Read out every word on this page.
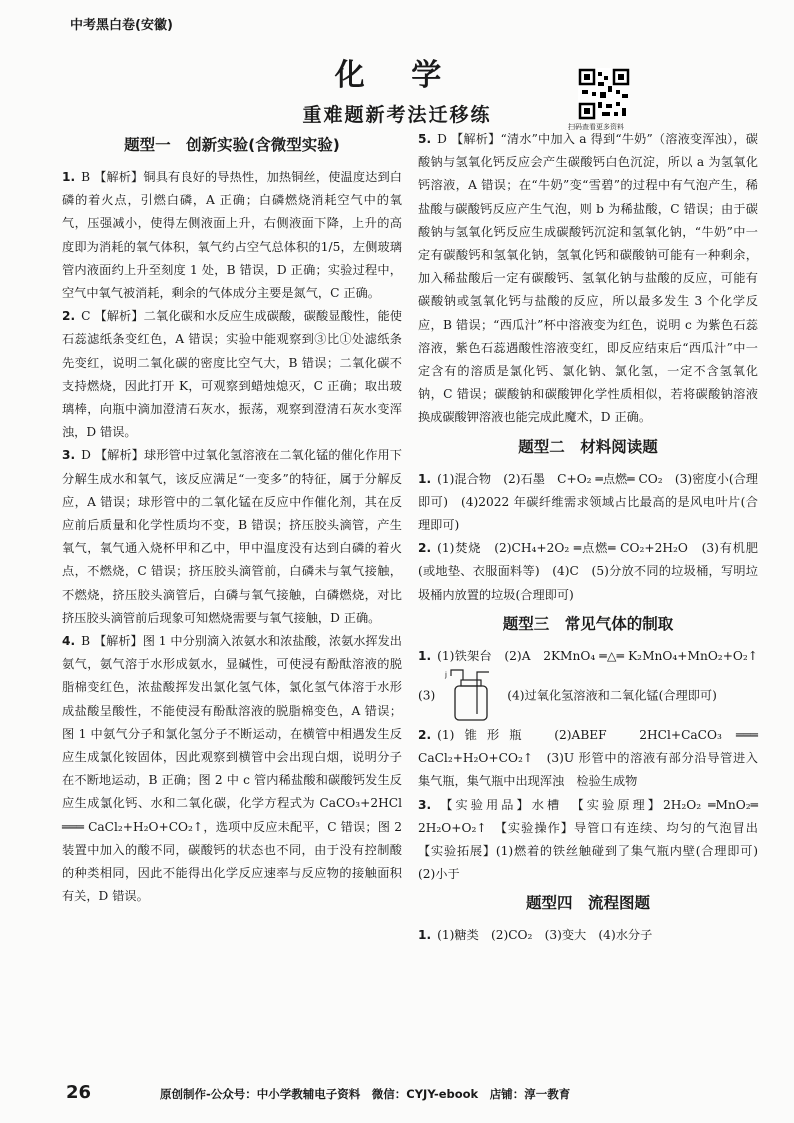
中考黑白卷(安徽)
化 学
重难题新考法迁移练
扫码查看更多资料
题型一　创新实验(含微型实验)
1. B 【解析】铜具有良好的导热性，加热铜丝，使温度达到白磷的着火点，引燃白磷，A 正确；白磷燃烧消耗空气中的氧气，压强减小，使得左侧液面上升，右侧液面下降，上升的高度即为消耗的氧气体积，氧气约占空气总体积的1/5，左侧玻璃管内液面约上升至刻度 1 处，B 错误，D 正确；实验过程中，空气中氧气被消耗，剩余的气体成分主要是氮气，C 正确。
2. C 【解析】二氧化碳和水反应生成碳酸，碳酸显酸性，能使石蕊滤纸条变红色，A 错误；实验中能观察到③比①处滤纸条先变红，说明二氧化碳的密度比空气大，B 错误；二氧化碳不支持燃烧，因此打开 K，可观察到蜡烛熄灭，C 正确；取出玻璃棒，向瓶中滴加澄清石灰水，振荡，观察到澄清石灰水变浑浊，D 错误。
3. D 【解析】球形管中过氧化氢溶液在二氧化锰的催化作用下分解生成水和氧气，该反应满足“一变多”的特征，属于分解反应，A 错误；球形管中的二氧化锰在反应中作催化剂，其在反应前后质量和化学性质均不变，B 错误；挤压胶头滴管，产生氧气，氧气通入烧杯甲和乙中，甲中温度没有达到白磷的着火点，不燃烧，C 错误；挤压胶头滴管前，白磷未与氧气接触，不燃烧，挤压胶头滴管后，白磷与氧气接触，白磷燃烧，对比挤压胶头滴管前后现象可知燃烧需要与氧气接触，D 正确。
4. B 【解析】图 1 中分别滴入浓氨水和浓盐酸，浓氨水挥发出氨气，氨气溶于水形成氨水，显碱性，可使浸有酚酞溶液的脱脂棉变红色，浓盐酸挥发出氯化氢气体，氯化氢气体溶于水形成盐酸呈酸性，不能使浸有酚酞溶液的脱脂棉变色，A 错误；图 1 中氨气分子和氯化氢分子不断运动，在横管中相遇发生反应生成氯化铵固体，因此观察到横管中会出现白烟，说明分子在不断地运动，B 正确；图 2 中 c 管内稀盐酸和碳酸钙发生反应生成氯化钙、水和二氧化碳，化学方程式为 CaCO₃+2HCl ═══ CaCl₂+H₂O+CO₂↑，选项中反应未配平，C 错误；图 2 装置中加入的酸不同，碳酸钙的状态也不同，由于没有控制酸的种类相同，因此不能得出化学反应速率与反应物的接触面积有关，D 错误。
5. D 【解析】“清水”中加入 a 得到“牛奶”（溶液变浑浊），碳酸钠与氢氧化钙反应会产生碳酸钙白色沉淀，所以 a 为氢氧化钙溶液，A 错误；在“牛奶”变“雪碧”的过程中有气泡产生，稀盐酸与碳酸钙反应产生气泡，则 b 为稀盐酸，C 错误；由于碳酸钠与氢氧化钙反应生成碳酸钙沉淀和氢氧化钠，“牛奶”中一定有碳酸钙和氢氧化钠，氢氧化钙和碳酸钠可能有一种剩余，加入稀盐酸后一定有碳酸钙、氢氧化钠与盐酸的反应，可能有碳酸钠或氢氧化钙与盐酸的反应，所以最多发生 3 个化学反应，B 错误；“西瓜汁”杯中溶液变为红色，说明 c 为紫色石蕊溶液，紫色石蕊遇酸性溶液变红，即反应结束后“西瓜汁”中一定含有的溶质是氯化钙、氯化钠、氯化氢，一定不含氢氧化钠，C 错误；碳酸钠和碳酸钾化学性质相似，若将碳酸钠溶液换成碳酸钾溶液也能完成此魔术，D 正确。
题型二　材料阅读题
1. (1)混合物　(2)石墨　C+O₂ ═点燃═ CO₂　(3)密度小(合理即可)　(4)2022 年碳纤维需求领域占比最高的是风电叶片(合理即可)
2. (1)焚烧　(2)CH₄+2O₂ ═点燃═ CO₂+2H₂O　(3)有机肥(或地垫、衣服面料等)　(4)C　(5)分放不同的垃圾桶，写明垃圾桶内放置的垃圾(合理即可)
题型三　常见气体的制取
1. (1)铁架台　(2)A　2KMnO₄ ═△═ K₂MnO₄+MnO₂+O₂↑　(3)
j
(4)过氧化氢溶液和二氧化锰(合理即可)
2. (1)锥形瓶　(2)ABEF　2HCl+CaCO₃ ═══ CaCl₂+H₂O+CO₂↑　(3)U 形管中的溶液有部分沿导管进入集气瓶，集气瓶中出现浑浊　检验生成物
3. 【实验用品】水槽　【实验原理】2H₂O₂ ═MnO₂═ 2H₂O+O₂↑　【实验操作】导管口有连续、均匀的气泡冒出　【实验拓展】(1)燃着的铁丝触碰到了集气瓶内壁(合理即可)　(2)小于
题型四　流程图题
1. (1)糖类　(2)CO₂　(3)变大　(4)水分子
26	原创制作-公众号：中小学教辅电子资料　微信：CYJY-ebook　店铺：淳一教育
